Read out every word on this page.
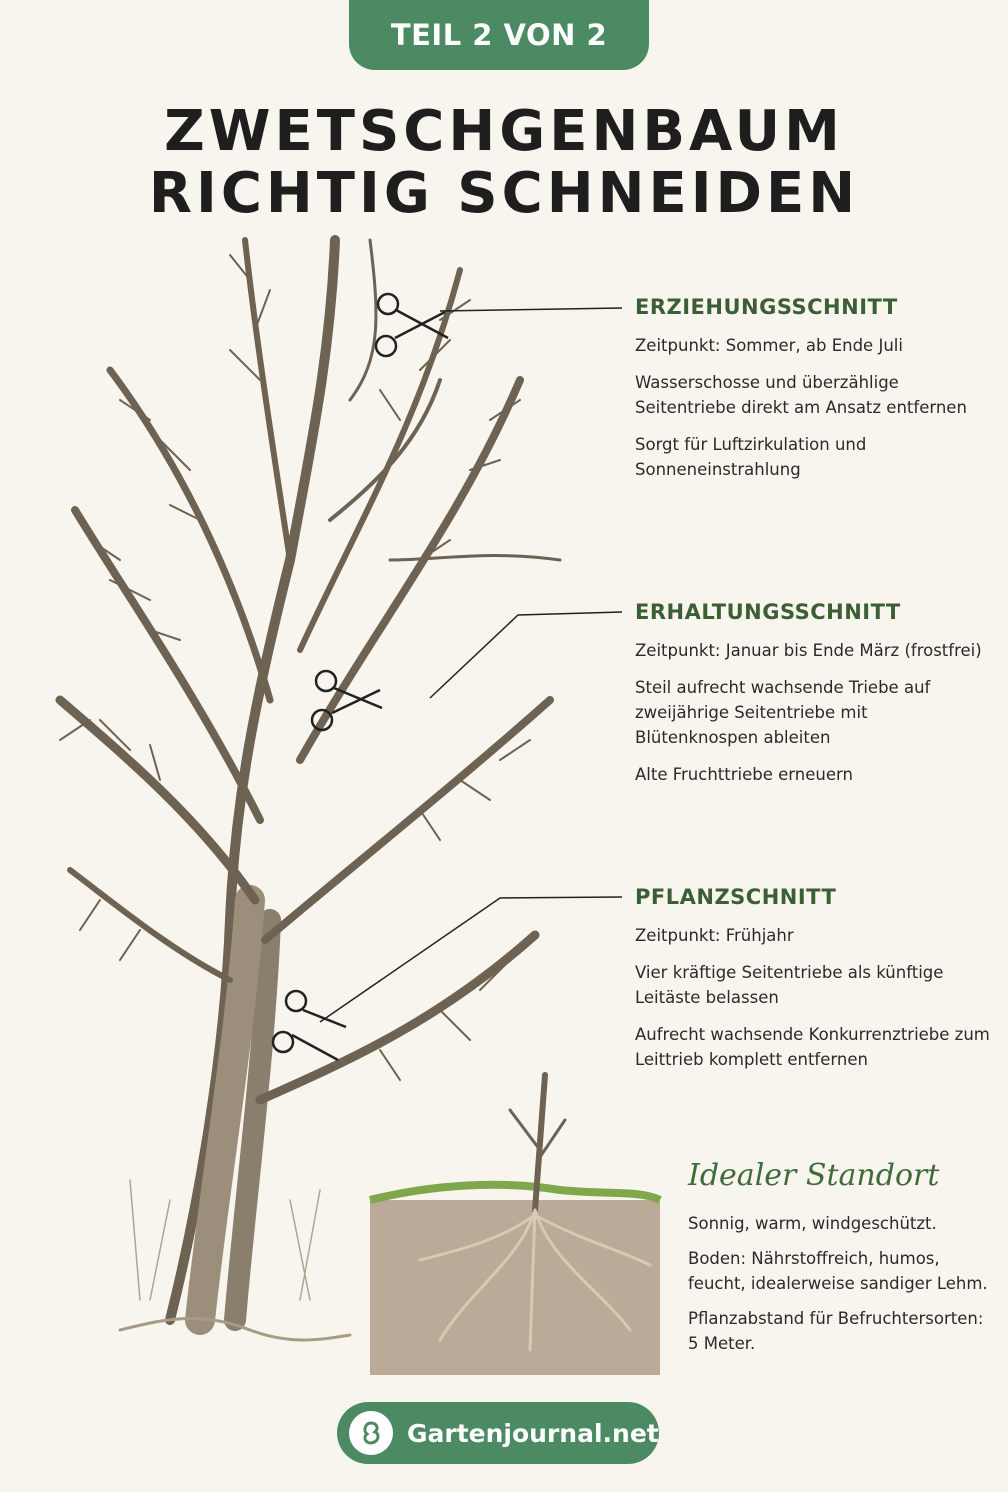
TEIL 2 VON 2
ZWETSCHGENBAUM
RICHTIG SCHNEIDEN
ERZIEHUNGSSCHNITT

Zeitpunkt: Sommer, ab Ende Juli

Wasserschosse und überzählige Seitentriebe direkt am Ansatz entfernen

Sorgt für Luftzirkulation und Sonneneinstrahlung

ERHALTUNGSSCHNITT

Zeitpunkt: Januar bis Ende März (frostfrei)

Steil aufrecht wachsende Triebe auf zweijährige Seitentriebe mit Blütenknospen ableiten

Alte Fruchttriebe erneuern

PFLANZSCHNITT

Zeitpunkt: Frühjahr

Vier kräftige Seitentriebe als künftige Leitäste belassen

Aufrecht wachsende Konkurrenztriebe zum Leittrieb komplett entfernen

Idealer Standort

Sonnig, warm, windgeschützt.

Boden: Nährstoffreich, humos, feucht, idealerweise sandiger Lehm.

Pflanzabstand für Befruchtersorten: 5 Meter.

Gartenjournal.net
